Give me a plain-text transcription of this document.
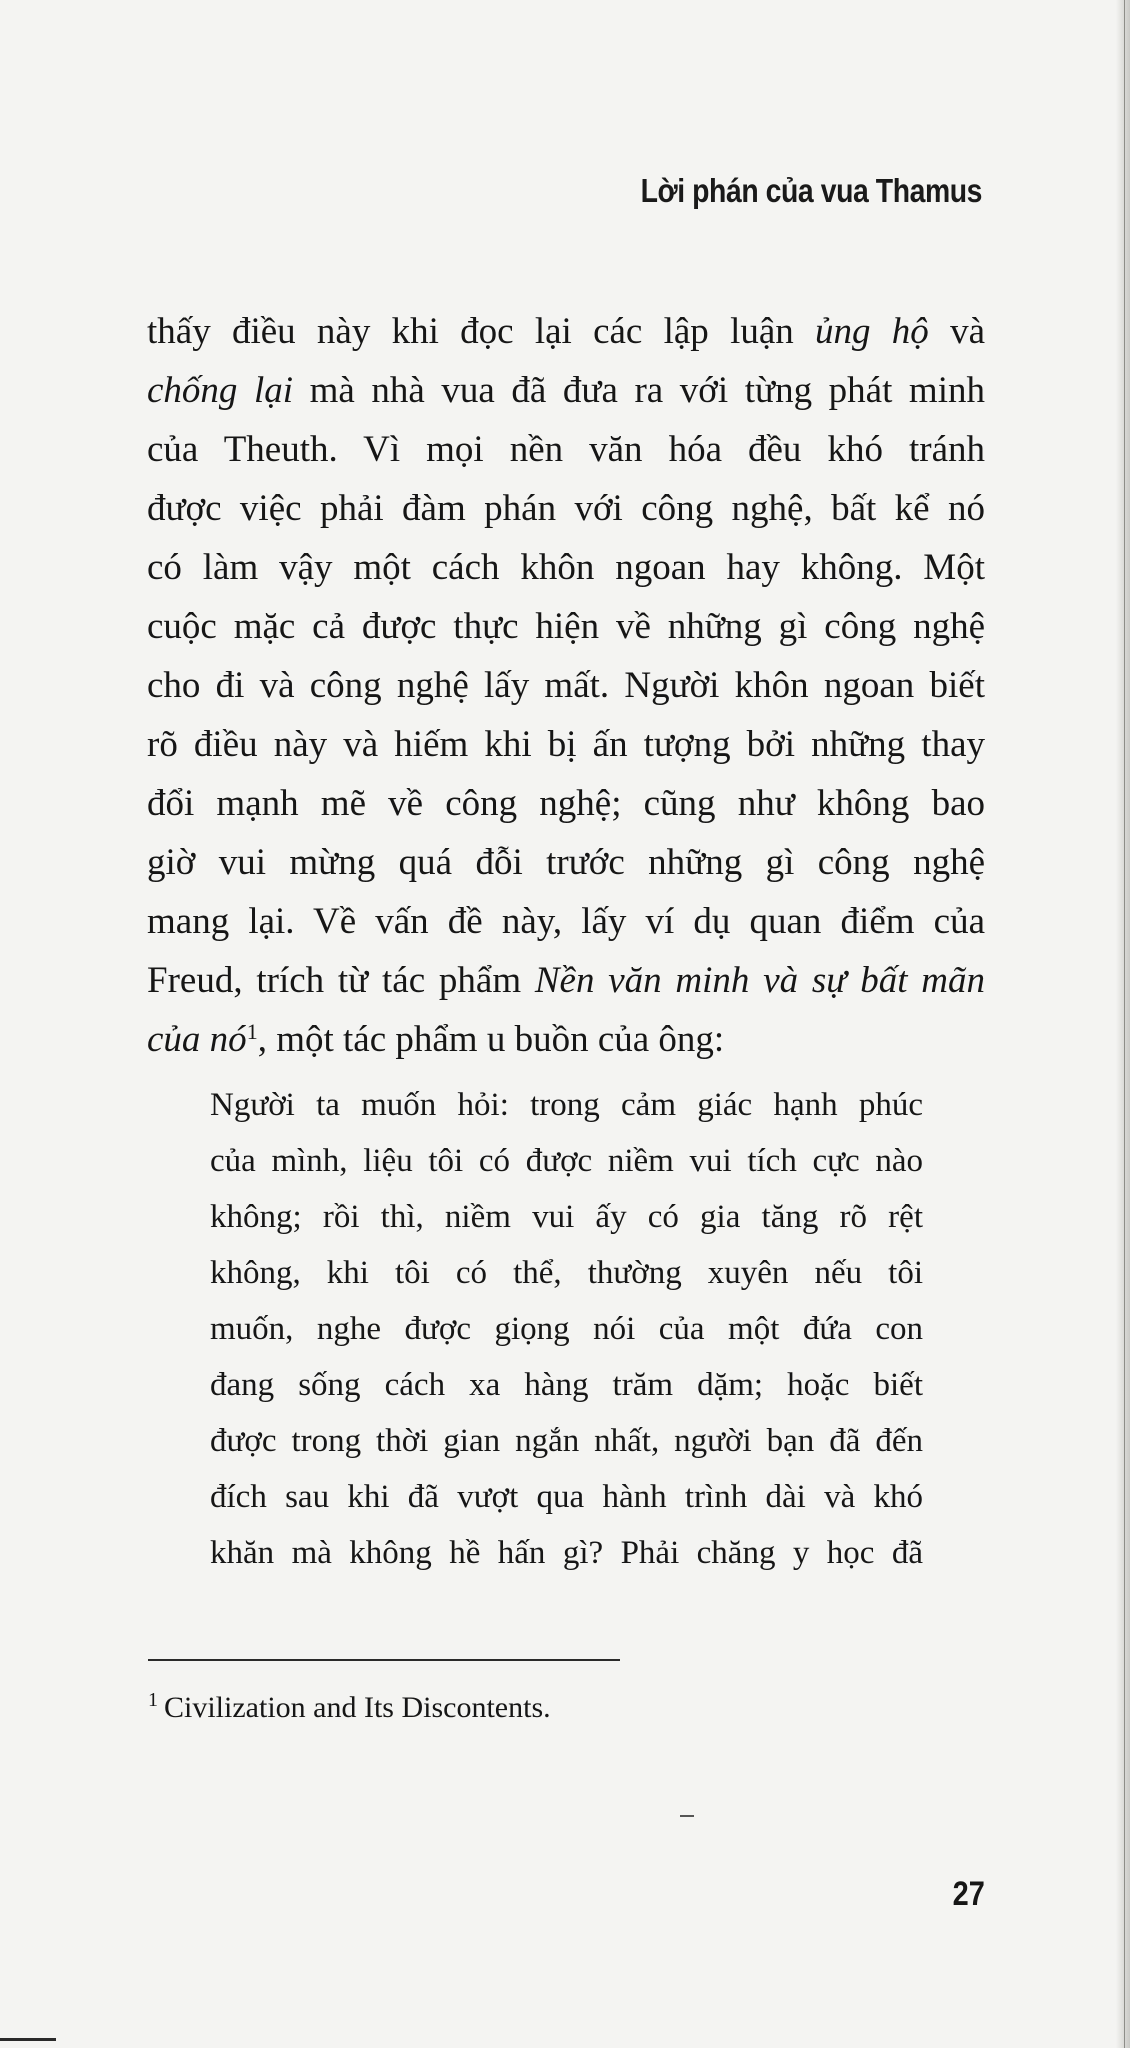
Lời phán của vua Thamus

thấy điều này khi đọc lại các lập luận ủng hộ và
chống lại mà nhà vua đã đưa ra với từng phát minh
của Theuth. Vì mọi nền văn hóa đều khó tránh
được việc phải đàm phán với công nghệ, bất kể nó
có làm vậy một cách khôn ngoan hay không. Một
cuộc mặc cả được thực hiện về những gì công nghệ
cho đi và công nghệ lấy mất. Người khôn ngoan biết
rõ điều này và hiếm khi bị ấn tượng bởi những thay
đổi mạnh mẽ về công nghệ; cũng như không bao
giờ vui mừng quá đỗi trước những gì công nghệ
mang lại. Về vấn đề này, lấy ví dụ quan điểm của
Freud, trích từ tác phẩm Nền văn minh và sự bất mãn
của $nó^1$, một tác phẩm u buồn của ông:
Người ta muốn hỏi: trong cảm giác hạnh phúc
của mình, liệu tôi có được niềm vui tích cực nào
không; rồi thì, niềm vui ấy có gia tăng rõ rệt
không, khi tôi có thể, thường xuyên nếu tôi
muốn, nghe được giọng nói của một đứa con
đang sống cách xa hàng trăm dặm; hoặc biết
được trong thời gian ngắn nhất, người bạn đã đến
đích sau khi đã vượt qua hành trình dài và khó
khăn mà không hề hấn gì? Phải chăng y học đã

$^1$ Civilization and Its Discontents.

27
